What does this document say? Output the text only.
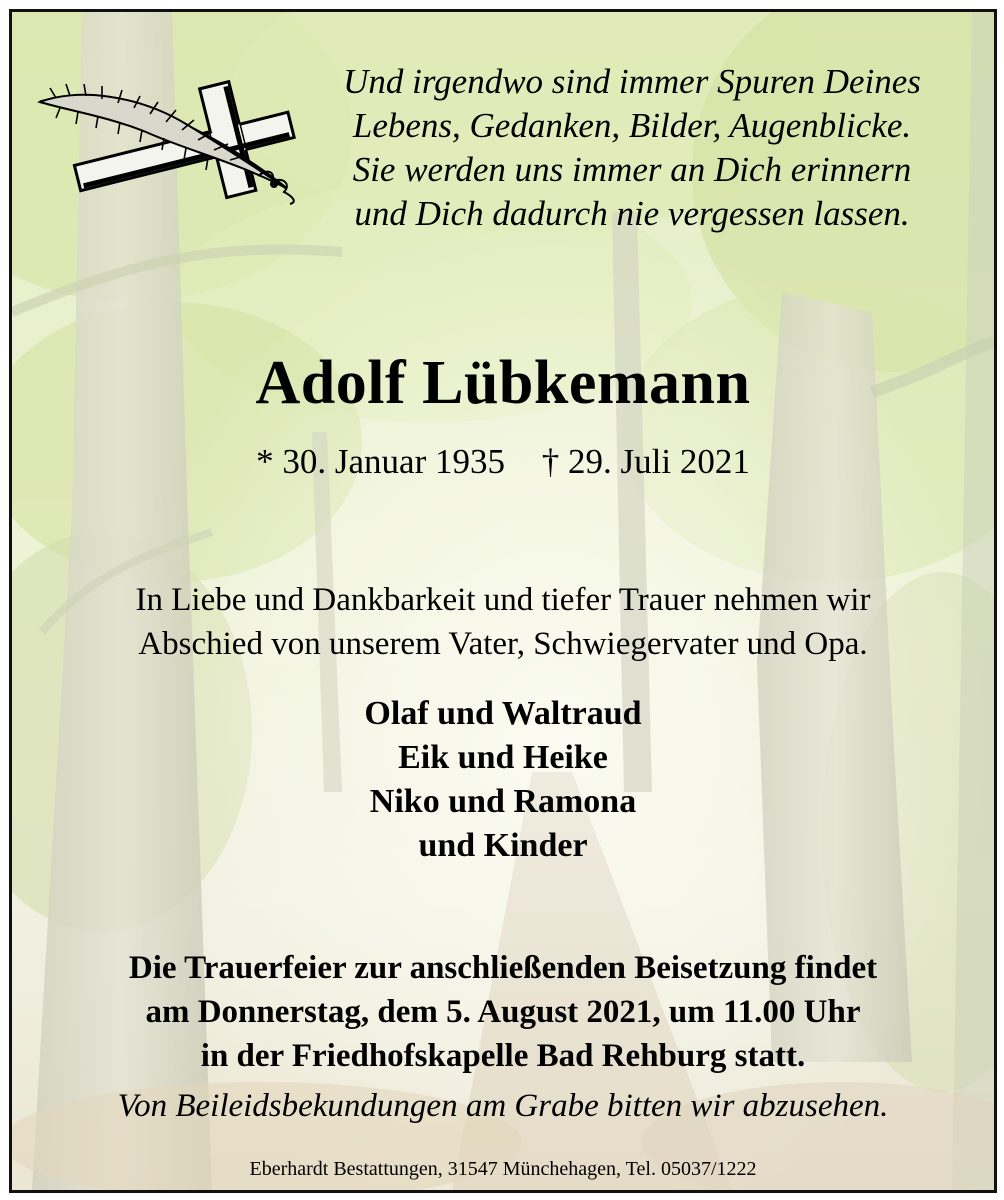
Und irgendwo sind immer Spuren Deines
Lebens, Gedanken, Bilder, Augenblicke.
Sie werden uns immer an Dich erinnern
und Dich dadurch nie vergessen lassen.
Adolf Lübkemann
* 30. Januar 1935 † 29. Juli 2021
In Liebe und Dankbarkeit und tiefer Trauer nehmen wir
Abschied von unserem Vater, Schwiegervater und Opa.
Olaf und Waltraud
Eik und Heike
Niko und Ramona
und Kinder
Die Trauerfeier zur anschließenden Beisetzung findet
am Donnerstag, dem 5. August 2021, um 11.00 Uhr
in der Friedhofskapelle Bad Rehburg statt.
Von Beileidsbekundungen am Grabe bitten wir abzusehen.
Eberhardt Bestattungen, 31547 Münchehagen, Tel. 05037/1222
